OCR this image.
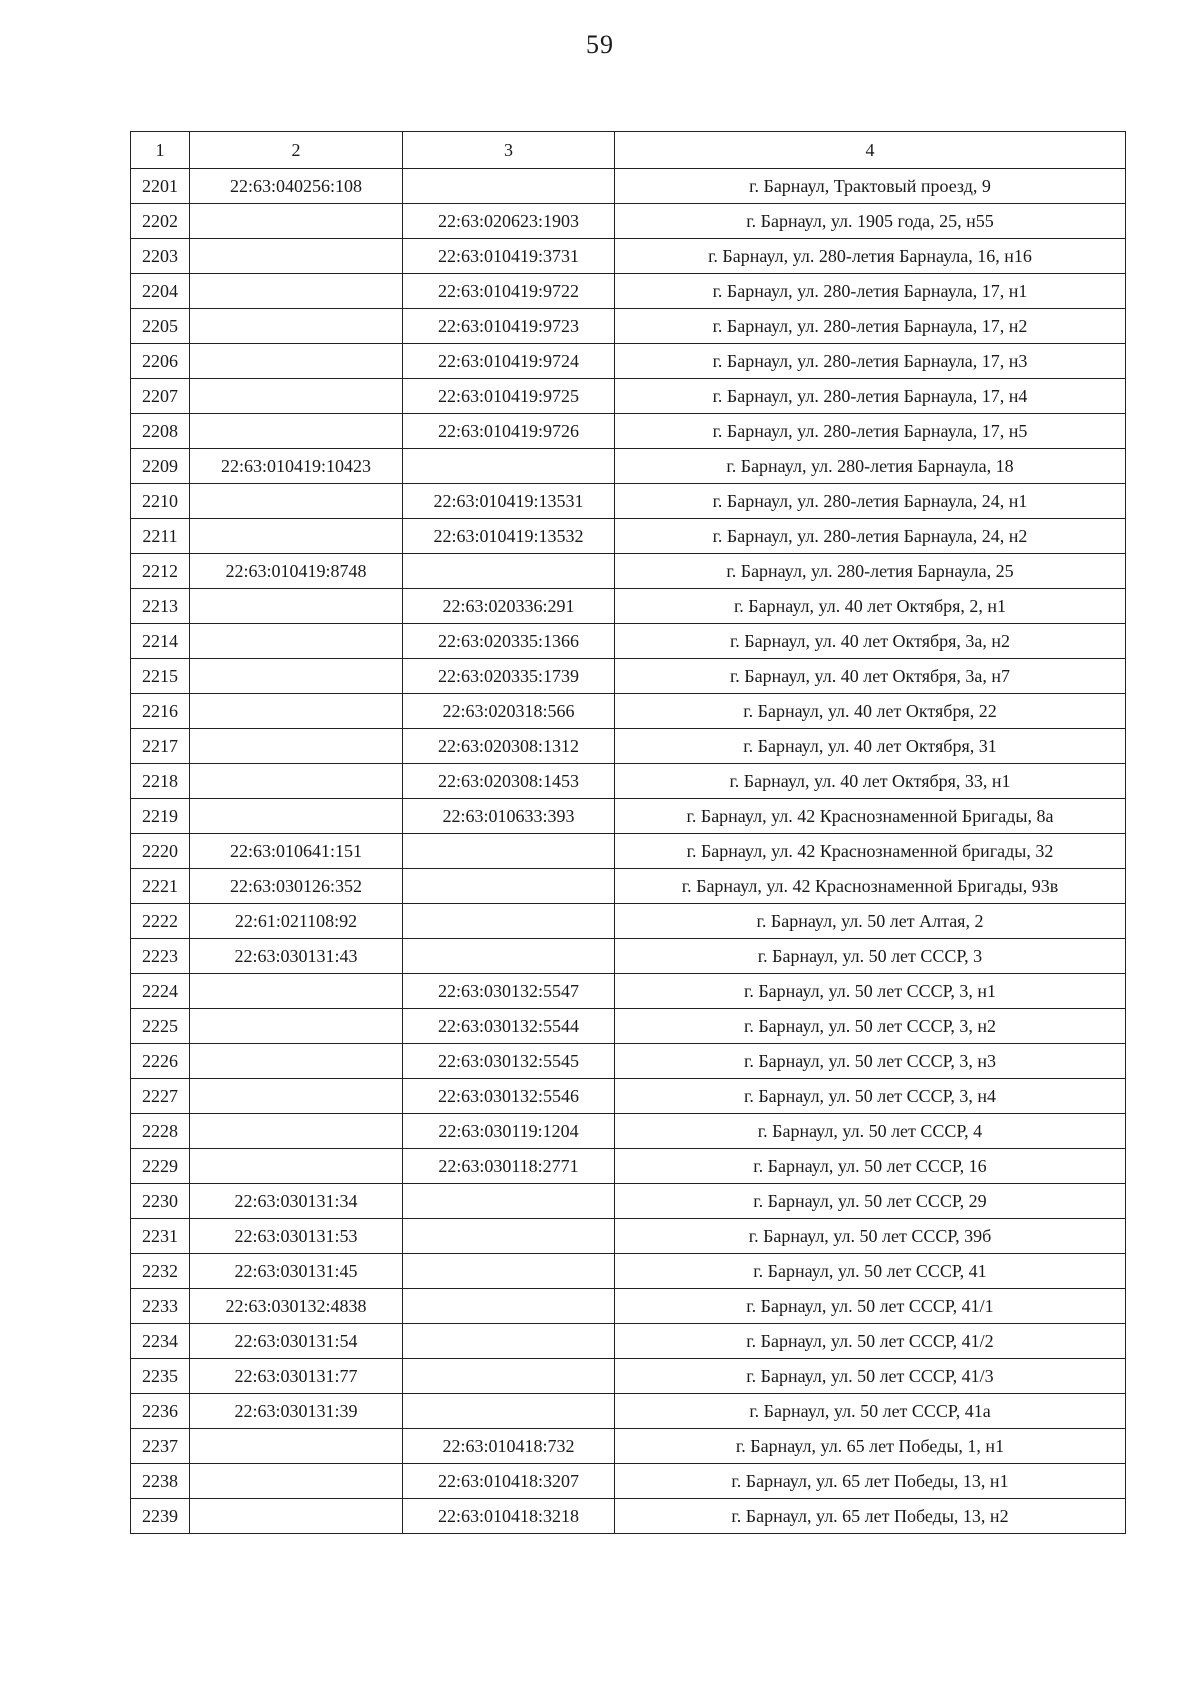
59
1	2	3	4
2201	22:63:040256:108		г. Барнаул, Трактовый проезд, 9
2202		22:63:020623:1903	г. Барнаул, ул. 1905 года, 25, н55
2203		22:63:010419:3731	г. Барнаул, ул. 280-летия Барнаула, 16, н16
2204		22:63:010419:9722	г. Барнаул, ул. 280-летия Барнаула, 17, н1
2205		22:63:010419:9723	г. Барнаул, ул. 280-летия Барнаула, 17, н2
2206		22:63:010419:9724	г. Барнаул, ул. 280-летия Барнаула, 17, н3
2207		22:63:010419:9725	г. Барнаул, ул. 280-летия Барнаула, 17, н4
2208		22:63:010419:9726	г. Барнаул, ул. 280-летия Барнаула, 17, н5
2209	22:63:010419:10423		г. Барнаул, ул. 280-летия Барнаула, 18
2210		22:63:010419:13531	г. Барнаул, ул. 280-летия Барнаула, 24, н1
2211		22:63:010419:13532	г. Барнаул, ул. 280-летия Барнаула, 24, н2
2212	22:63:010419:8748		г. Барнаул, ул. 280-летия Барнаула, 25
2213		22:63:020336:291	г. Барнаул, ул. 40 лет Октября, 2, н1
2214		22:63:020335:1366	г. Барнаул, ул. 40 лет Октября, 3а, н2
2215		22:63:020335:1739	г. Барнаул, ул. 40 лет Октября, 3а, н7
2216		22:63:020318:566	г. Барнаул, ул. 40 лет Октября, 22
2217		22:63:020308:1312	г. Барнаул, ул. 40 лет Октября, 31
2218		22:63:020308:1453	г. Барнаул, ул. 40 лет Октября, 33, н1
2219		22:63:010633:393	г. Барнаул, ул. 42 Краснознаменной Бригады, 8а
2220	22:63:010641:151		г. Барнаул, ул. 42 Краснознаменной бригады, 32
2221	22:63:030126:352		г. Барнаул, ул. 42 Краснознаменной Бригады, 93в
2222	22:61:021108:92		г. Барнаул, ул. 50 лет Алтая, 2
2223	22:63:030131:43		г. Барнаул, ул. 50 лет СССР, 3
2224		22:63:030132:5547	г. Барнаул, ул. 50 лет СССР, 3, н1
2225		22:63:030132:5544	г. Барнаул, ул. 50 лет СССР, 3, н2
2226		22:63:030132:5545	г. Барнаул, ул. 50 лет СССР, 3, н3
2227		22:63:030132:5546	г. Барнаул, ул. 50 лет СССР, 3, н4
2228		22:63:030119:1204	г. Барнаул, ул. 50 лет СССР, 4
2229		22:63:030118:2771	г. Барнаул, ул. 50 лет СССР, 16
2230	22:63:030131:34		г. Барнаул, ул. 50 лет СССР, 29
2231	22:63:030131:53		г. Барнаул, ул. 50 лет СССР, 39б
2232	22:63:030131:45		г. Барнаул, ул. 50 лет СССР, 41
2233	22:63:030132:4838		г. Барнаул, ул. 50 лет СССР, 41/1
2234	22:63:030131:54		г. Барнаул, ул. 50 лет СССР, 41/2
2235	22:63:030131:77		г. Барнаул, ул. 50 лет СССР, 41/3
2236	22:63:030131:39		г. Барнаул, ул. 50 лет СССР, 41а
2237		22:63:010418:732	г. Барнаул, ул. 65 лет Победы, 1, н1
2238		22:63:010418:3207	г. Барнаул, ул. 65 лет Победы, 13, н1
2239		22:63:010418:3218	г. Барнаул, ул. 65 лет Победы, 13, н2
